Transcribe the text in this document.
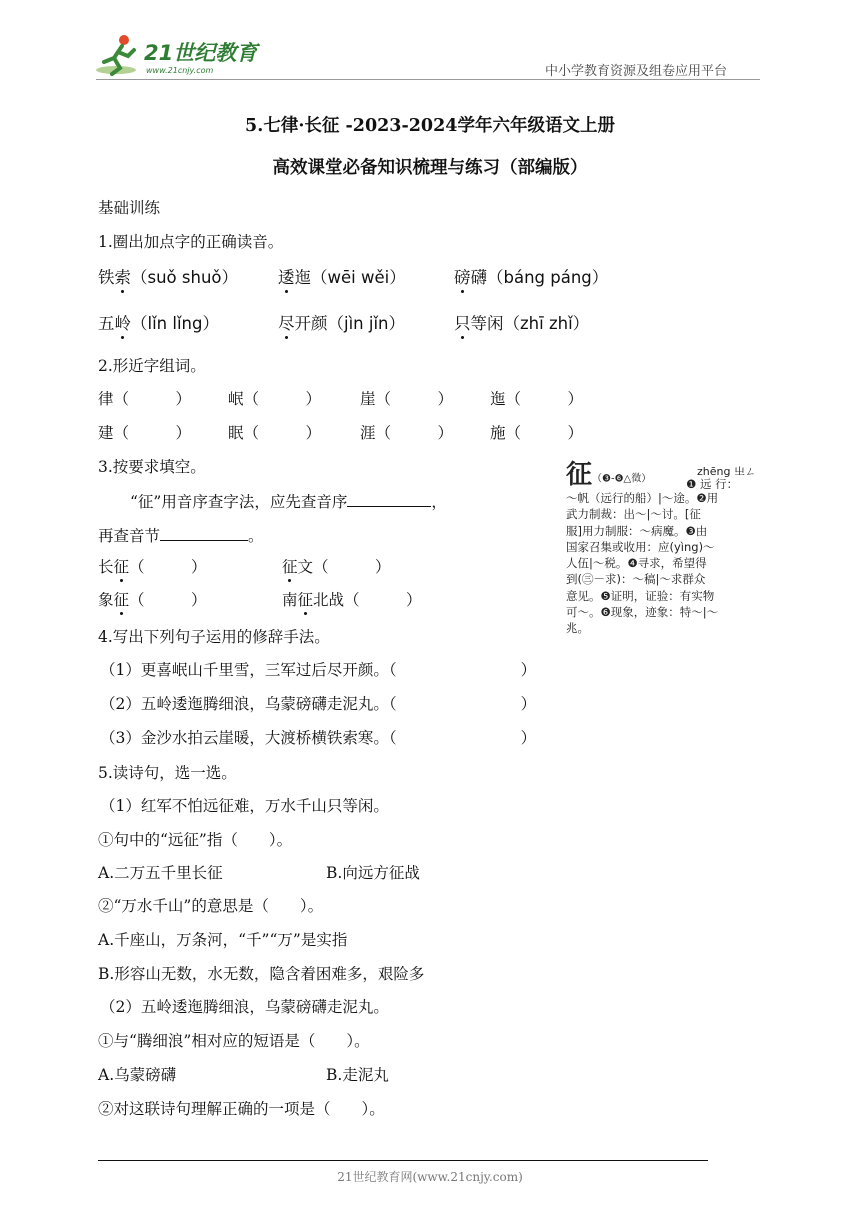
21世纪教育
www.21cnjy.com	中小学教育资源及组卷应用平台
5.七律·长征 -2023-2024学年六年级语文上册
高效课堂必备知识梳理与练习（部编版）
基础训练
1.圈出加点字的正确读音。
铁索（suǒ shuǒ） 逶迤（wēi wěi）	磅礴（báng páng）
五岭（lǐn lǐng）	尽开颜（jìn jǐn）	只等闲（zhī zhǐ）
2.形近字组词。
律（　　　） 岷（　　　）	崖（　　　） 迤（　　　）
建（　　　） 眠（　　　）	涯（　　　） 施（　　　）
3.按要求填空。
“征”用音序查字法，应先查音序	，
再查音节	。
长征（　　　）	征文（　　　）
象征（　　　）	南征北战（　　　）
征（❸-❻△徵）
zhēng 㞢ㄥ
❶ 远 行：
～帆（远行的船）|～途。❷用
武力制裁：出～|～讨。[征
服]用力制服：～病魔。❸由
国家召集或收用：应(yìng)～
人伍|～税。❹寻求，希望得
到(㊂－求)：～稿|～求群众
意见。❺证明，证验：有实物
可～。❻现象，迹象：特～|～
兆。
4.写出下列句子运用的修辞手法。
（1）更喜岷山千里雪，三军过后尽开颜。（　　　　　　　　）
（2）五岭逶迤腾细浪，乌蒙磅礴走泥丸。（　　　　　　　　）
（3）金沙水拍云崖暖，大渡桥横铁索寒。（　　　　　　　　）
5.读诗句，选一选。
（1）红军不怕远征难，万水千山只等闲。
①句中的“远征”指（　　）。
A.二万五千里长征	B.向远方征战
②“万水千山”的意思是（　　）。
A.千座山，万条河，“千”“万”是实指
B.形容山无数，水无数，隐含着困难多，艰险多
（2）五岭逶迤腾细浪，乌蒙磅礴走泥丸。
①与“腾细浪”相对应的短语是（　　）。
A.乌蒙磅礴	B.走泥丸
②对这联诗句理解正确的一项是（　　）。
21世纪教育网(www.21cnjy.com)
